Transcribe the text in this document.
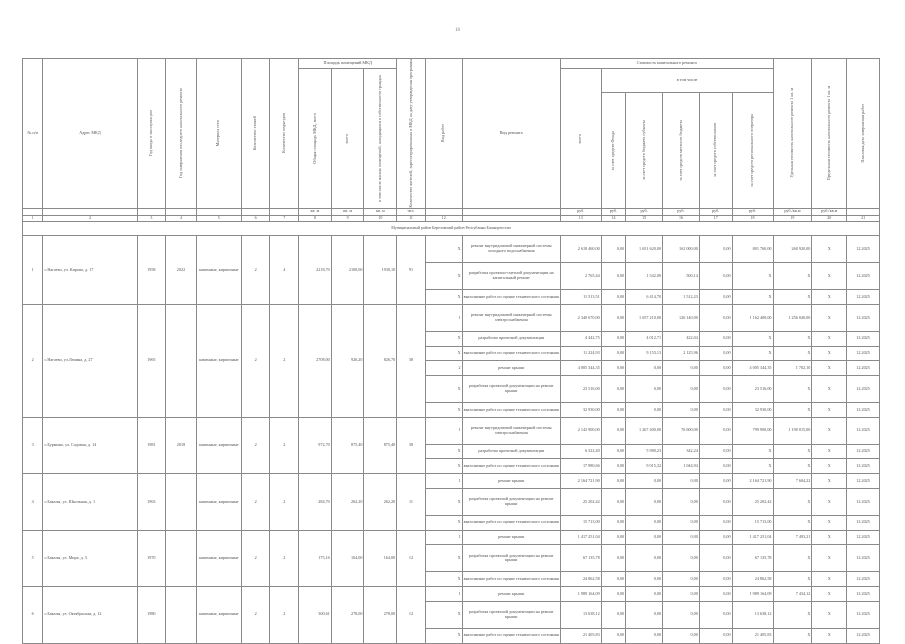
16
№ п/п	Адрес МКД	Год ввода в эксплуатацию	Год завершения последнего капитального ремонта	Материал стен	Количество этажей	Количество подъездов	Площадь помещений МКД			Количество жителей, зарегистрированных в МКД на дату утверждения программы	Вид работ	Вид ремонта	Стоимость капитального ремонта						Удельная стоимость капитального ремонта 1 кв. м	Предельная стоимость капитального ремонта 1 кв. м	Плановая дата завершения работ

							Общая площадь МКД, всего	всего	в том числе жилых помещений, находящихся в собственности граждан				всего	в том числе							

														за счет средств Фонда	за счет средств бюджета субъекта	за счет средств местного бюджета	за счет средств собственников	за счет средств регионального оператора			

							кв. м	кв. м	кв. м	чел.			руб.	руб.	руб.	руб.	руб.	руб.	руб./кв.м	руб./кв.м	
1	2	3	4	5	6	7	8	9	10	11	12		13	14	15	16	17	18	19	20	21
Муниципальный район Березовский район Республики Башкортостан																					
1	с.Нагаево, ул. Кирова, д. 17	1958	2022	каменные, кирпичные	2	4	2218,70	2100,00	1930,10	91	X	ремонт внутридомовой инженерной системы холодного водоснабжения	2 618 460,00	0,00	1 651 620,00	162 000,00	0,00	801 760,00	260 920,00	X	12.2025
											X	разработка проектно-сметной документации на капитальный ремонт	2 765,44	0,00	1 542,00	500,14	0,00	X	X	X	12.2025
											X	выполнение работ по оценке технического состояния	11 513,51	0,00	6 414,70	1 512,23	0,00	X	X	X	12.2025
2	с.Нагаево, ул.Ленина, д. 27	1965		каменные, кирпичные	2	2	2708,00	926,20	826,70	38	1	ремонт внутридомовой инженерной системы электроснабжения	2 340 670,00	0,00	1 657 210,00	126 140,00	0,00	1 162 400,00	1 256 040,00	X	12.2025
											X	разработка проектной документации	4 442,75	0,00	4 012,71	422,04	0,00	X	X	X	12.2025
											X	выполнение работ по оценке технического состояния	11 224,93	0,00	9 153,13	2 125,96	0,00	X	X	X	12.2025
											2	ремонт крыши	4 005 344,35	0,00	0,00	0,00	0,00	4 005 344,35	1 702,10	X	12.2025
											X	разработка проектной документации на ремонт крыши	23 516,00	0,00	0,00	0,00	0,00	23 516,00	X	X	12.2025
											X	выполнение работ по оценке технического состояния	32 930,00	0,00	0,00	0,00	0,00	32 930,00	X	X	12.2025
3	с.Бурмино, ул. Садовая, д. 14	1981	2018	каменные, кирпичные	2	2	972,70	875,40	875,40	38	1	ремонт внутридомовой инженерной системы электроснабжения	2 143 900,00	0,00	1 267 400,00	76 600,00	0,00	799 900,00	1 190 015,00	X	12.2025
											X	разработка проектной документации	6 322,40	0,00	5 980,23	342,24	0,00	X	X	X	12.2025
											X	выполнение работ по оценке технического состояния	17 980,66	0,00	9 015,32	1 044,94	0,00	X	X	X	12.2025
4	с.Бакалы, ул. Школьная, д. 1	1963		каменные, кирпичные	2	2	284,70	262,20	262,20	11	1	ремонт крыши	2 164 721,90	0,00	0,00	0,00	0,00	2 164 721,90	7 604,22	X	12.2025
											X	разработка проектной документации на ремонт крыши	25 202,42	0,00	0,00	0,00	0,00	25 202,42	X	X	12.2025
											X	выполнение работ по оценке технического состояния	15 713,00	0,00	0,00	0,00	0,00	15 713,00	X	X	12.2025
5	с.Бакалы, ул. Мира, д. 3	1970		каменные, кирпичные	2	2	175,16	164,00	164,00	12	1	ремонт крыши	1 417 251,04	0,00	0,00	0,00	0,00	1 417 251,04	7 493,21	X	12.2025
											X	разработка проектной документации на ремонт крыши	67 135,78	0,00	0,00	0,00	0,00	67 135,78	X	X	12.2025
											X	выполнение работ по оценке технического состояния	24 862,58	0,00	0,00	0,00	0,00	24 862,58	X	X	12.2025
6	с.Бакалы, ул. Октябрьская, д. 12	1980		каменные, кирпичные	2	2	300,61	278,00	278,00	12	1	ремонт крыши	1 989 164,09	0,00	0,00	0,00	0,00	1 989 164,09	7 434,12	X	12.2025
											X	разработка проектной документации на ремонт крыши	13 638,12	0,00	0,00	0,00	0,00	13 638,12	X	X	12.2025
											X	выполнение работ по оценке технического состояния	21 405,83	0,00	0,00	0,00	0,00	21 405,83	X	X	12.2025
